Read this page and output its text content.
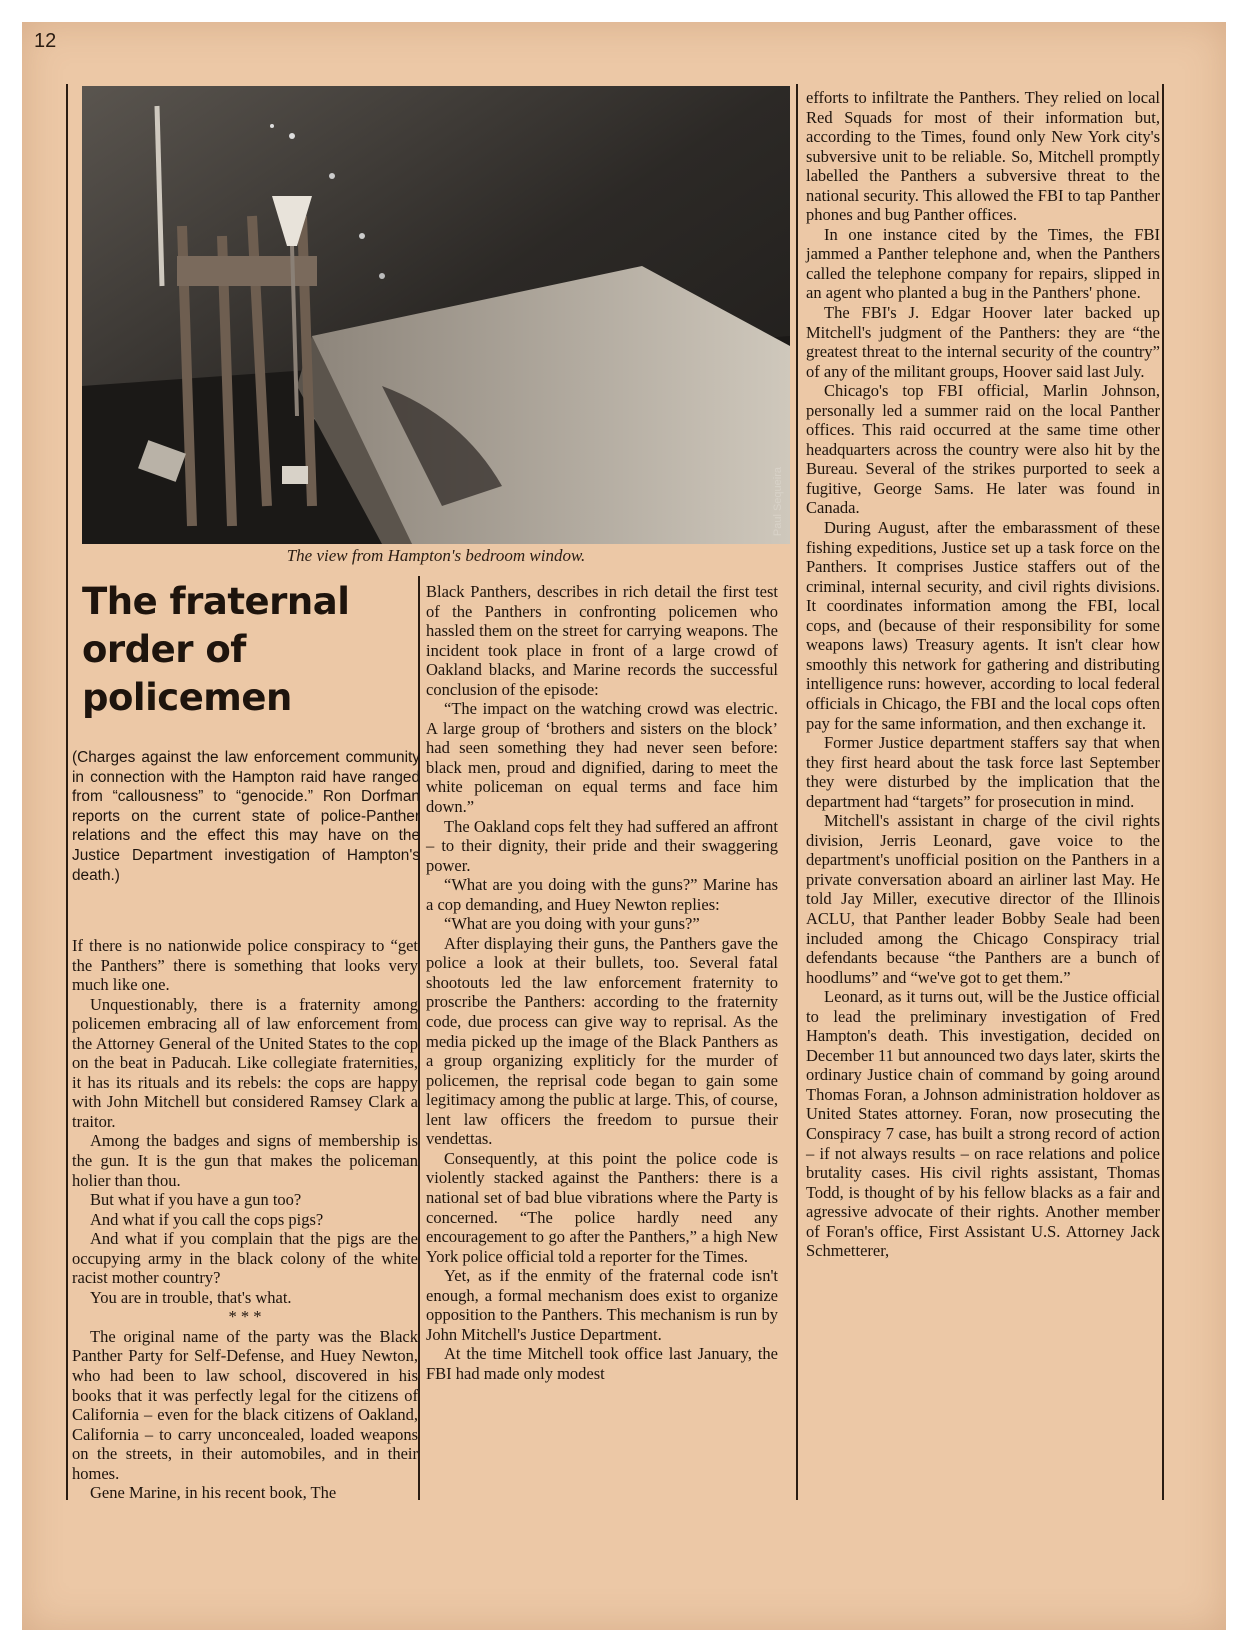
12
Paul Sequeira
The view from Hampton's bedroom window.
The fraternal
order of
policemen
(Charges against the law enforcement community in connection with the Hampton raid have ranged from “callousness” to “genocide.” Ron Dorfman reports on the current state of police-Panther relations and the effect this may have on the Justice Department investigation of Hampton's death.)

If there is no nationwide police conspiracy to “get the Panthers” there is something that looks very much like one.

Unquestionably, there is a fraternity among policemen embracing all of law enforcement from the Attorney General of the United States to the cop on the beat in Paducah. Like collegiate fraternities, it has its rituals and its rebels: the cops are happy with John Mitchell but considered Ramsey Clark a traitor.

Among the badges and signs of membership is the gun. It is the gun that makes the policeman holier than thou.

But what if you have a gun too?

And what if you call the cops pigs?

And what if you complain that the pigs are the occupying army in the black colony of the white racist mother country?

You are in trouble, that's what.

* * *

The original name of the party was the Black Panther Party for Self-Defense, and Huey Newton, who had been to law school, discovered in his books that it was perfectly legal for the citizens of California – even for the black citizens of Oakland, California – to carry unconcealed, loaded weapons on the streets, in their automobiles, and in their homes.

Gene Marine, in his recent book, The

Black Panthers, describes in rich detail the first test of the Panthers in confronting policemen who hassled them on the street for carrying weapons. The incident took place in front of a large crowd of Oakland blacks, and Marine records the successful conclusion of the episode:

“The impact on the watching crowd was electric. A large group of ‘brothers and sisters on the block’ had seen something they had never seen before: black men, proud and dignified, daring to meet the white policeman on equal terms and face him down.”

The Oakland cops felt they had suffered an affront – to their dignity, their pride and their swaggering power.

“What are you doing with the guns?” Marine has a cop demanding, and Huey Newton replies:

“What are you doing with your guns?”

After displaying their guns, the Panthers gave the police a look at their bullets, too. Several fatal shootouts led the law enforcement fraternity to proscribe the Panthers: according to the fraternity code, due process can give way to reprisal. As the media picked up the image of the Black Panthers as a group organizing expliticly for the murder of policemen, the reprisal code began to gain some legitimacy among the public at large. This, of course, lent law officers the freedom to pursue their vendettas.

Consequently, at this point the police code is violently stacked against the Panthers: there is a national set of bad blue vibrations where the Party is concerned. “The police hardly need any encouragement to go after the Panthers,” a high New York police official told a reporter for the Times.

Yet, as if the enmity of the fraternal code isn't enough, a formal mechanism does exist to organize opposition to the Panthers. This mechanism is run by John Mitchell's Justice Department.

At the time Mitchell took office last January, the FBI had made only modest

efforts to infiltrate the Panthers. They relied on local Red Squads for most of their information but, according to the Times, found only New York city's subversive unit to be reliable. So, Mitchell promptly labelled the Panthers a subversive threat to the national security. This allowed the FBI to tap Panther phones and bug Panther offices.

In one instance cited by the Times, the FBI jammed a Panther telephone and, when the Panthers called the telephone company for repairs, slipped in an agent who planted a bug in the Panthers' phone.

The FBI's J. Edgar Hoover later backed up Mitchell's judgment of the Panthers: they are “the greatest threat to the internal security of the country” of any of the militant groups, Hoover said last July.

Chicago's top FBI official, Marlin Johnson, personally led a summer raid on the local Panther offices. This raid occurred at the same time other headquarters across the country were also hit by the Bureau. Several of the strikes purported to seek a fugitive, George Sams. He later was found in Canada.

During August, after the embarassment of these fishing expeditions, Justice set up a task force on the Panthers. It comprises Justice staffers out of the criminal, internal security, and civil rights divisions. It coordinates information among the FBI, local cops, and (because of their responsibility for some weapons laws) Treasury agents. It isn't clear how smoothly this network for gathering and distributing intelligence runs: however, according to local federal officials in Chicago, the FBI and the local cops often pay for the same information, and then exchange it.

Former Justice department staffers say that when they first heard about the task force last September they were disturbed by the implication that the department had “targets” for prosecution in mind.

Mitchell's assistant in charge of the civil rights division, Jerris Leonard, gave voice to the department's unofficial position on the Panthers in a private conversation aboard an airliner last May. He told Jay Miller, executive director of the Illinois ACLU, that Panther leader Bobby Seale had been included among the Chicago Conspiracy trial defendants because “the Panthers are a bunch of hoodlums” and “we've got to get them.”

Leonard, as it turns out, will be the Justice official to lead the preliminary investigation of Fred Hampton's death. This investigation, decided on December 11 but announced two days later, skirts the ordinary Justice chain of command by going around Thomas Foran, a Johnson administration holdover as United States attorney. Foran, now prosecuting the Conspiracy 7 case, has built a strong record of action – if not always results – on race relations and police brutality cases. His civil rights assistant, Thomas Todd, is thought of by his fellow blacks as a fair and agressive advocate of their rights. Another member of Foran's office, First Assistant U.S. Attorney Jack Schmetterer,
